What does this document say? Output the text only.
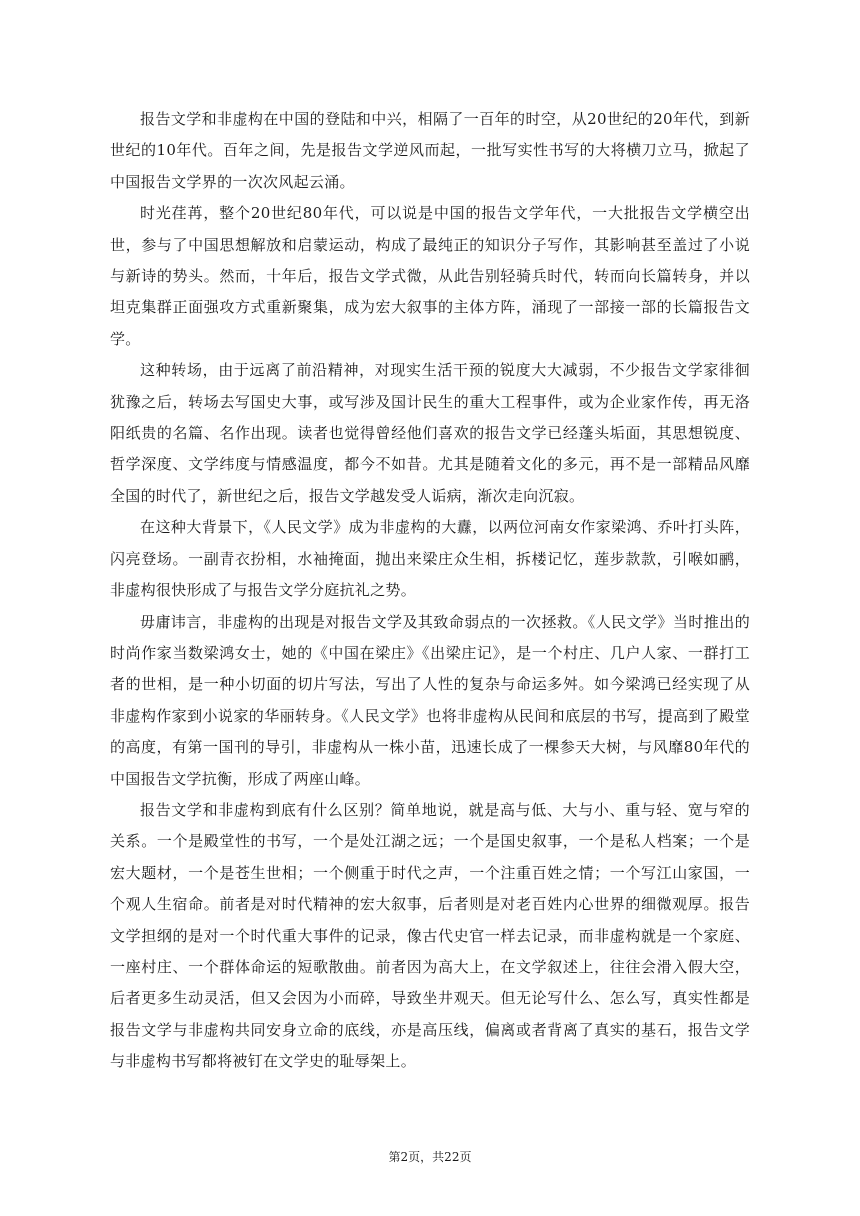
报告文学和非虚构在中国的登陆和中兴，相隔了一百年的时空，从20世纪的20年代，到新世纪的10年代。百年之间，先是报告文学逆风而起，一批写实性书写的大将横刀立马，掀起了中国报告文学界的一次次风起云涌。

时光荏苒，整个20世纪80年代，可以说是中国的报告文学年代，一大批报告文学横空出世，参与了中国思想解放和启蒙运动，构成了最纯正的知识分子写作，其影响甚至盖过了小说与新诗的势头。然而，十年后，报告文学式微，从此告别轻骑兵时代，转而向长篇转身，并以坦克集群正面强攻方式重新聚集，成为宏大叙事的主体方阵，涌现了一部接一部的长篇报告文学。

这种转场，由于远离了前沿精神，对现实生活干预的锐度大大减弱，不少报告文学家徘徊犹豫之后，转场去写国史大事，或写涉及国计民生的重大工程事件，或为企业家作传，再无洛阳纸贵的名篇、名作出现。读者也觉得曾经他们喜欢的报告文学已经蓬头垢面，其思想锐度、哲学深度、文学纬度与情感温度，都今不如昔。尤其是随着文化的多元，再不是一部精品风靡全国的时代了，新世纪之后，报告文学越发受人诟病，渐次走向沉寂。

在这种大背景下，《人民文学》成为非虚构的大纛，以两位河南女作家梁鸿、乔叶打头阵，闪亮登场。一副青衣扮相，水袖掩面，抛出来梁庄众生相，拆楼记忆，莲步款款，引喉如鹂，非虚构很快形成了与报告文学分庭抗礼之势。

毋庸讳言，非虚构的出现是对报告文学及其致命弱点的一次拯救。《人民文学》当时推出的时尚作家当数梁鸿女士，她的《中国在梁庄》《出梁庄记》，是一个村庄、几户人家、一群打工者的世相，是一种小切面的切片写法，写出了人性的复杂与命运多舛。如今梁鸿已经实现了从非虚构作家到小说家的华丽转身。《人民文学》也将非虚构从民间和底层的书写，提高到了殿堂的高度，有第一国刊的导引，非虚构从一株小苗，迅速长成了一棵参天大树，与风靡80年代的中国报告文学抗衡，形成了两座山峰。

报告文学和非虚构到底有什么区别？简单地说，就是高与低、大与小、重与轻、宽与窄的关系。一个是殿堂性的书写，一个是处江湖之远；一个是国史叙事，一个是私人档案；一个是宏大题材，一个是苍生世相；一个侧重于时代之声，一个注重百姓之情；一个写江山家国，一个观人生宿命。前者是对时代精神的宏大叙事，后者则是对老百姓内心世界的细微观厚。报告文学担纲的是对一个时代重大事件的记录，像古代史官一样去记录，而非虚构就是一个家庭、一座村庄、一个群体命运的短歌散曲。前者因为高大上，在文学叙述上，往往会滑入假大空，后者更多生动灵活，但又会因为小而碎，导致坐井观天。但无论写什么、怎么写，真实性都是报告文学与非虚构共同安身立命的底线，亦是高压线，偏离或者背离了真实的基石，报告文学与非虚构书写都将被钉在文学史的耻辱架上。

第2页，共22页
